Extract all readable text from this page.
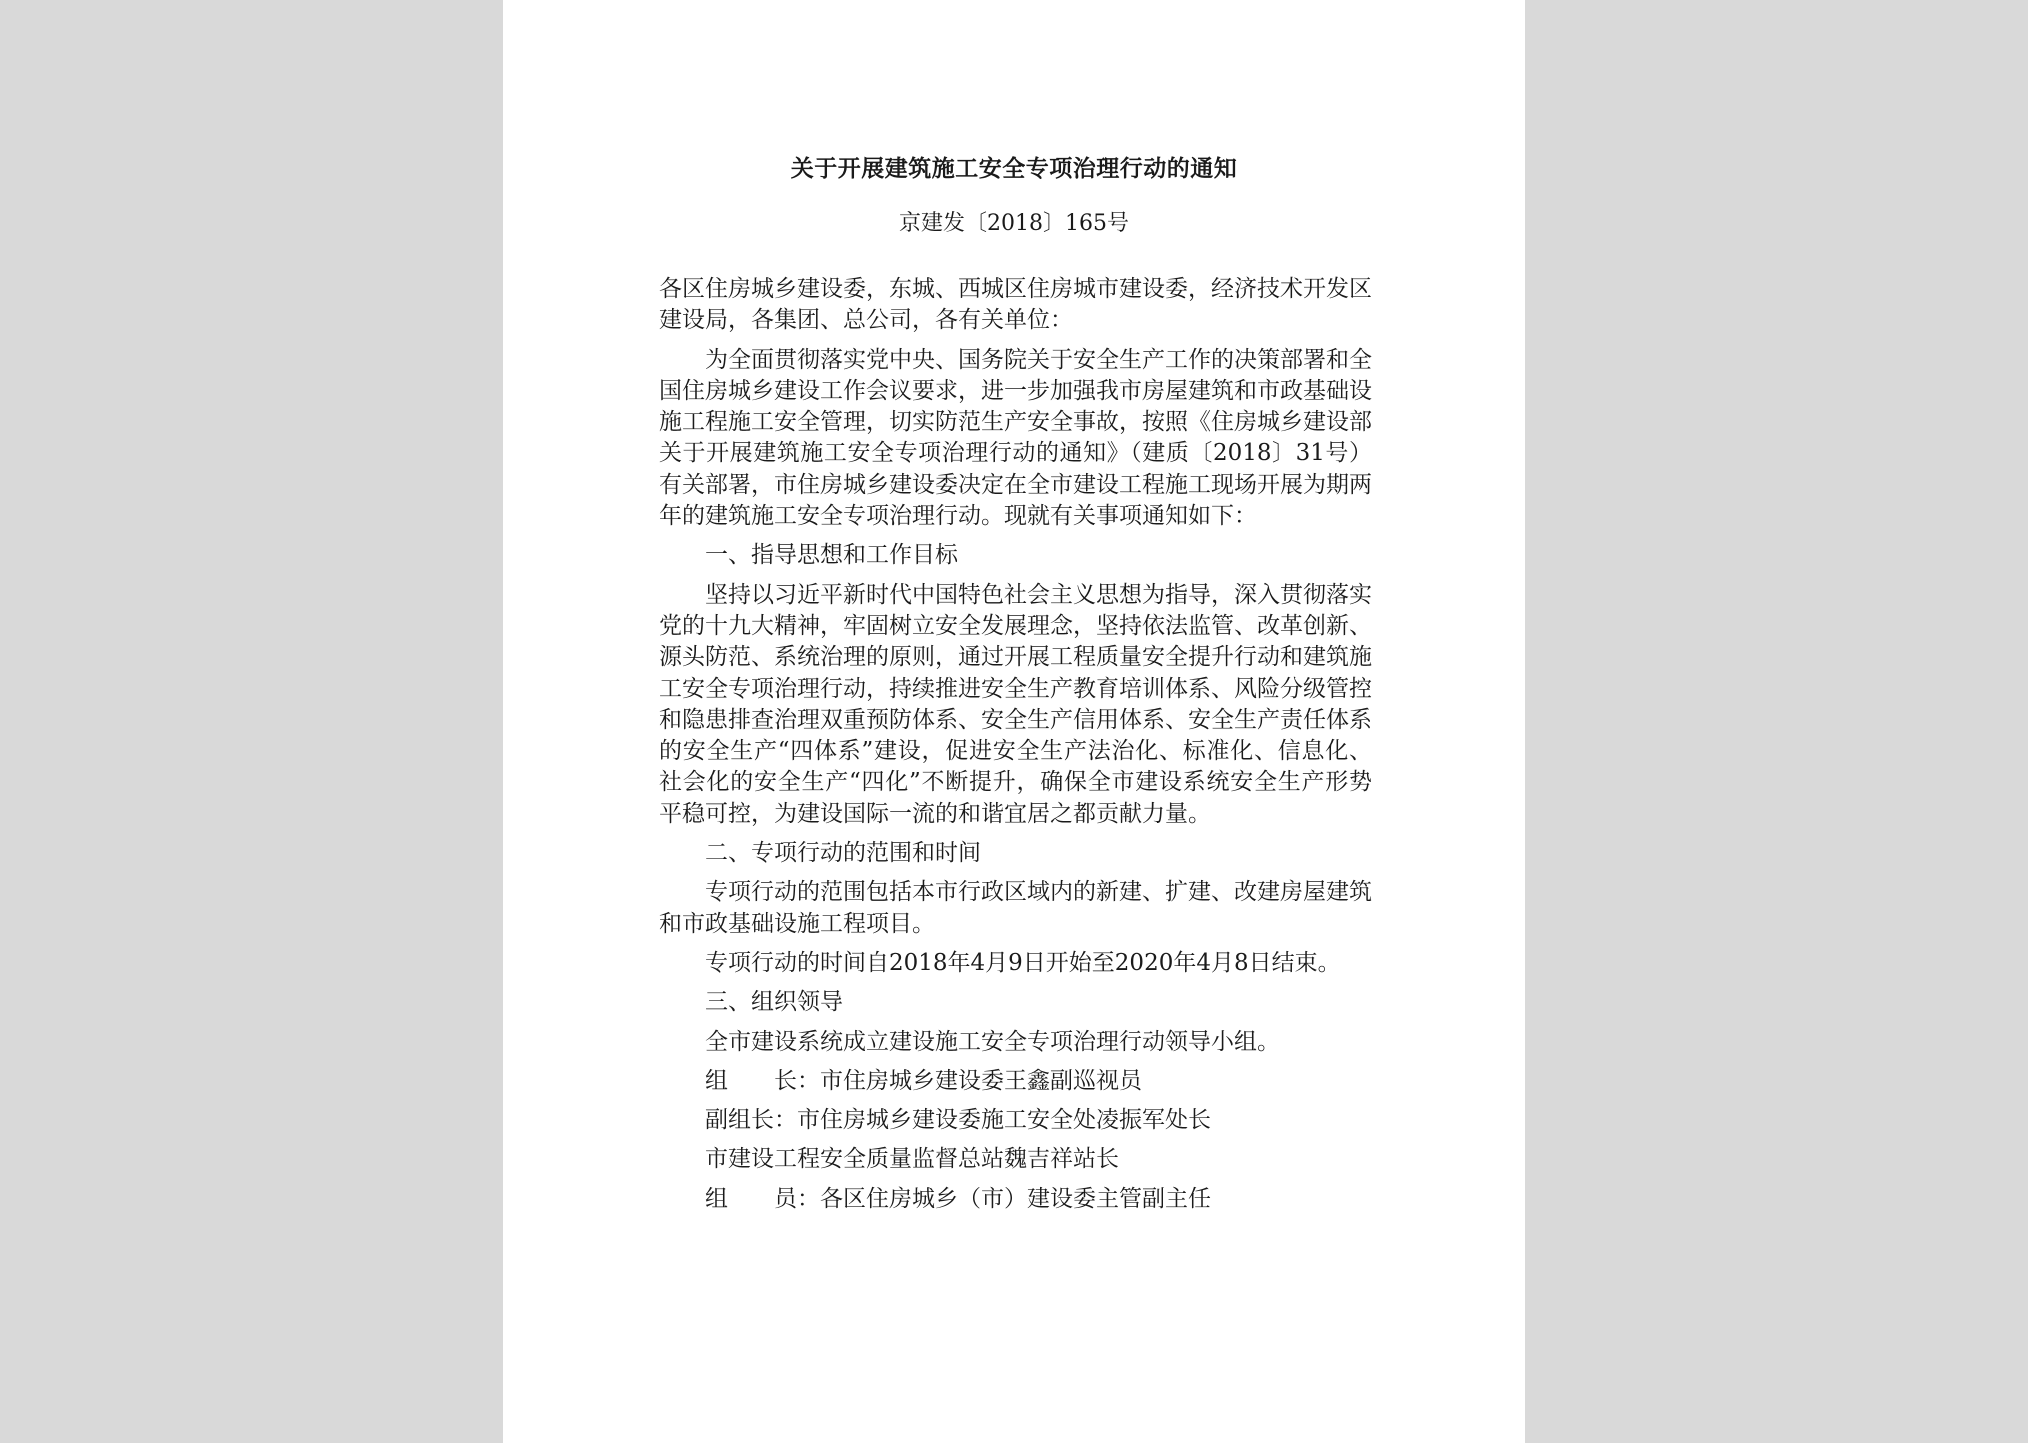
关于开展建筑施工安全专项治理行动的通知
京建发〔2018〕165号

各区住房城乡建设委，东城、西城区住房城市建设委，经济技术开发区建设局，各集团、总公司，各有关单位：

为全面贯彻落实党中央、国务院关于安全生产工作的决策部署和全国住房城乡建设工作会议要求，进一步加强我市房屋建筑和市政基础设施工程施工安全管理，切实防范生产安全事故，按照《住房城乡建设部关于开展建筑施工安全专项治理行动的通知》（建质〔2018〕31号）有关部署，市住房城乡建设委决定在全市建设工程施工现场开展为期两年的建筑施工安全专项治理行动。现就有关事项通知如下：

一、指导思想和工作目标

坚持以习近平新时代中国特色社会主义思想为指导，深入贯彻落实党的十九大精神，牢固树立安全发展理念，坚持依法监管、改革创新、源头防范、系统治理的原则，通过开展工程质量安全提升行动和建筑施工安全专项治理行动，持续推进安全生产教育培训体系、风险分级管控和隐患排查治理双重预防体系、安全生产信用体系、安全生产责任体系的安全生产“四体系”建设，促进安全生产法治化、标准化、信息化、社会化的安全生产“四化”不断提升，确保全市建设系统安全生产形势平稳可控，为建设国际一流的和谐宜居之都贡献力量。

二、专项行动的范围和时间

专项行动的范围包括本市行政区域内的新建、扩建、改建房屋建筑和市政基础设施工程项目。

专项行动的时间自2018年4月9日开始至2020年4月8日结束。

三、组织领导

全市建设系统成立建设施工安全专项治理行动领导小组。

组　　长：市住房城乡建设委王鑫副巡视员

副组长：市住房城乡建设委施工安全处凌振军处长

市建设工程安全质量监督总站魏吉祥站长

组　　员：各区住房城乡（市）建设委主管副主任
